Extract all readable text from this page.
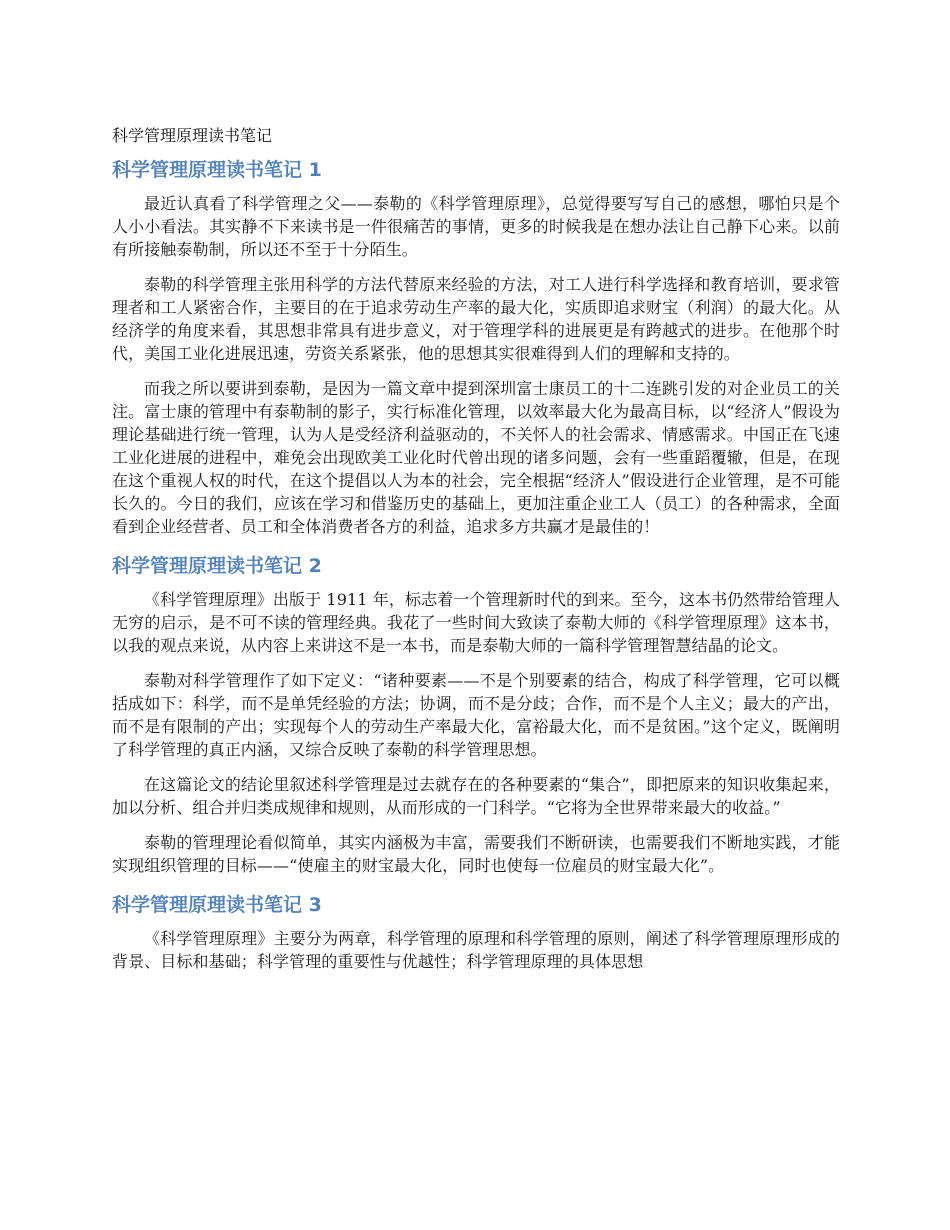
科学管理原理读书笔记
科学管理原理读书笔记 1

最近认真看了科学管理之父——泰勒的《科学管理原理》，总觉得要写写自己的感想，哪怕只是个人小小看法。其实静不下来读书是一件很痛苦的事情，更多的时候我是在想办法让自己静下心来。以前有所接触泰勒制，所以还不至于十分陌生。

泰勒的科学管理主张用科学的方法代替原来经验的方法，对工人进行科学选择和教育培训，要求管理者和工人紧密合作，主要目的在于追求劳动生产率的最大化，实质即追求财宝（利润）的最大化。从经济学的角度来看，其思想非常具有进步意义，对于管理学科的进展更是有跨越式的进步。在他那个时代，美国工业化进展迅速，劳资关系紧张，他的思想其实很难得到人们的理解和支持的。

而我之所以要讲到泰勒，是因为一篇文章中提到深圳富士康员工的十二连跳引发的对企业员工的关注。富士康的管理中有泰勒制的影子，实行标准化管理，以效率最大化为最高目标，以“经济人”假设为理论基础进行统一管理，认为人是受经济利益驱动的，不关怀人的社会需求、情感需求。中国正在飞速工业化进展的进程中，难免会出现欧美工业化时代曾出现的诸多问题，会有一些重蹈覆辙，但是，在现在这个重视人权的时代，在这个提倡以人为本的社会，完全根据“经济人”假设进行企业管理，是不可能长久的。今日的我们，应该在学习和借鉴历史的基础上，更加注重企业工人（员工）的各种需求，全面看到企业经营者、员工和全体消费者各方的利益，追求多方共赢才是最佳的！

科学管理原理读书笔记 2

《科学管理原理》出版于 1911 年，标志着一个管理新时代的到来。至今，这本书仍然带给管理人无穷的启示，是不可不读的管理经典。我花了一些时间大致读了泰勒大师的《科学管理原理》这本书，以我的观点来说，从内容上来讲这不是一本书，而是泰勒大师的一篇科学管理智慧结晶的论文。

泰勒对科学管理作了如下定义：“诸种要素——不是个别要素的结合，构成了科学管理，它可以概括成如下：科学，而不是单凭经验的方法；协调，而不是分歧；合作，而不是个人主义；最大的产出，而不是有限制的产出；实现每个人的劳动生产率最大化，富裕最大化，而不是贫困。”这个定义，既阐明了科学管理的真正内涵，又综合反映了泰勒的科学管理思想。

在这篇论文的结论里叙述科学管理是过去就存在的各种要素的“集合”，即把原来的知识收集起来，加以分析、组合并归类成规律和规则，从而形成的一门科学。“它将为全世界带来最大的收益。”

泰勒的管理理论看似简单，其实内涵极为丰富，需要我们不断研读，也需要我们不断地实践，才能实现组织管理的目标——“使雇主的财宝最大化，同时也使每一位雇员的财宝最大化”。

科学管理原理读书笔记 3

《科学管理原理》主要分为两章，科学管理的原理和科学管理的原则，阐述了科学管理原理形成的背景、目标和基础；科学管理的重要性与优越性；科学管理原理的具体思想
